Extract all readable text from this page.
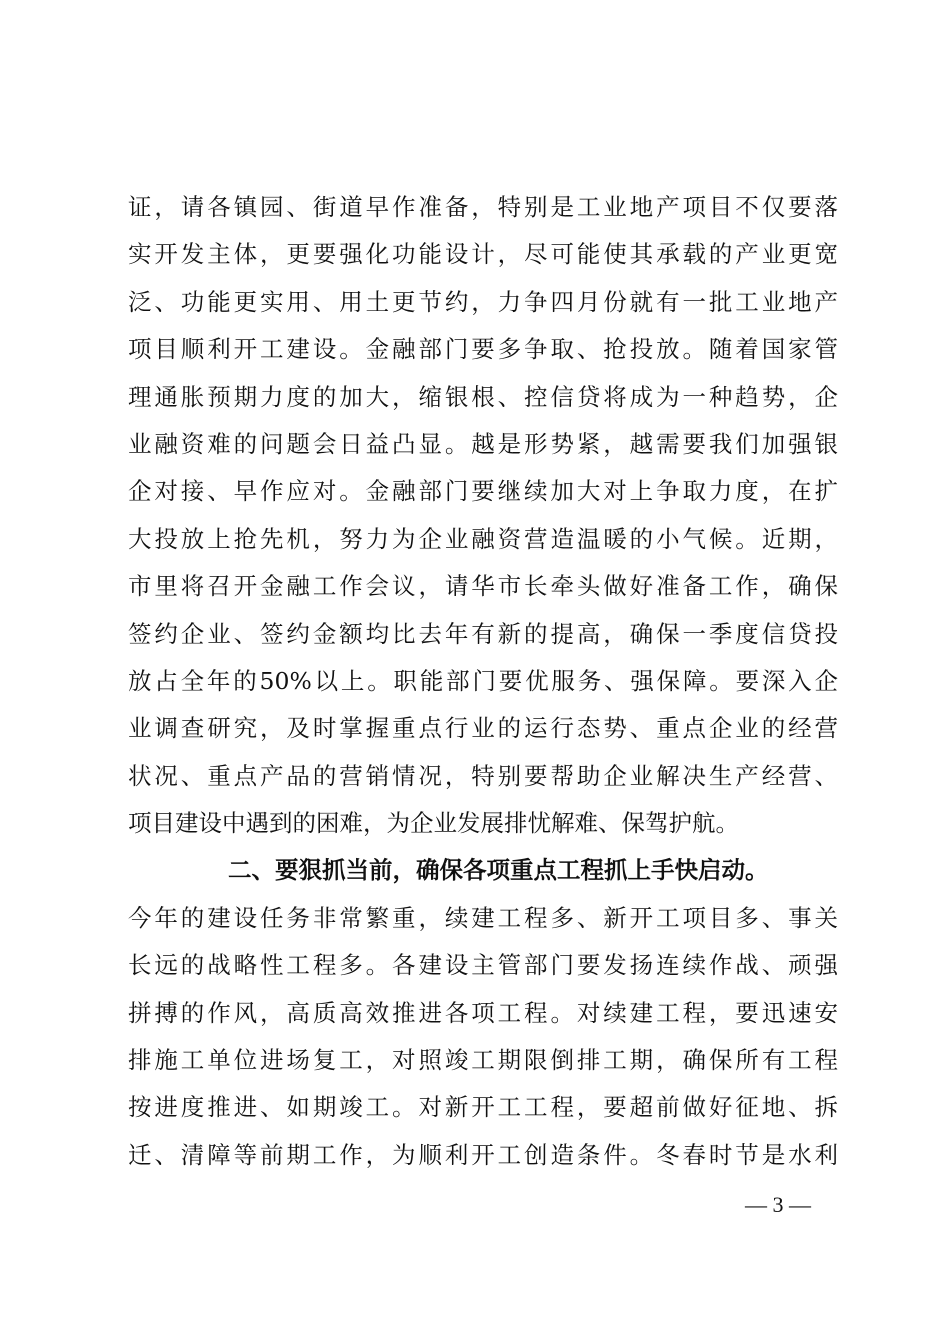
证，请各镇园、街道早作准备，特别是工业地产项目不仅要落
实开发主体，更要强化功能设计，尽可能使其承载的产业更宽
泛、功能更实用、用土更节约，力争四月份就有一批工业地产
项目顺利开工建设。金融部门要多争取、抢投放。随着国家管
理通胀预期力度的加大，缩银根、控信贷将成为一种趋势，企
业融资难的问题会日益凸显。越是形势紧，越需要我们加强银
企对接、早作应对。金融部门要继续加大对上争取力度，在扩
大投放上抢先机，努力为企业融资营造温暖的小气候。近期，
市里将召开金融工作会议，请华市长牵头做好准备工作，确保
签约企业、签约金额均比去年有新的提高，确保一季度信贷投
放占全年的50%以上。职能部门要优服务、强保障。要深入企
业调查研究，及时掌握重点行业的运行态势、重点企业的经营
状况、重点产品的营销情况，特别要帮助企业解决生产经营、
项目建设中遇到的困难，为企业发展排忧解难、保驾护航。
二、要狠抓当前，确保各项重点工程抓上手快启动。
今年的建设任务非常繁重，续建工程多、新开工项目多、事关
长远的战略性工程多。各建设主管部门要发扬连续作战、顽强
拼搏的作风，高质高效推进各项工程。对续建工程，要迅速安
排施工单位进场复工，对照竣工期限倒排工期，确保所有工程
按进度推进、如期竣工。对新开工工程，要超前做好征地、拆
迁、清障等前期工作，为顺利开工创造条件。冬春时节是水利
— 3 —
